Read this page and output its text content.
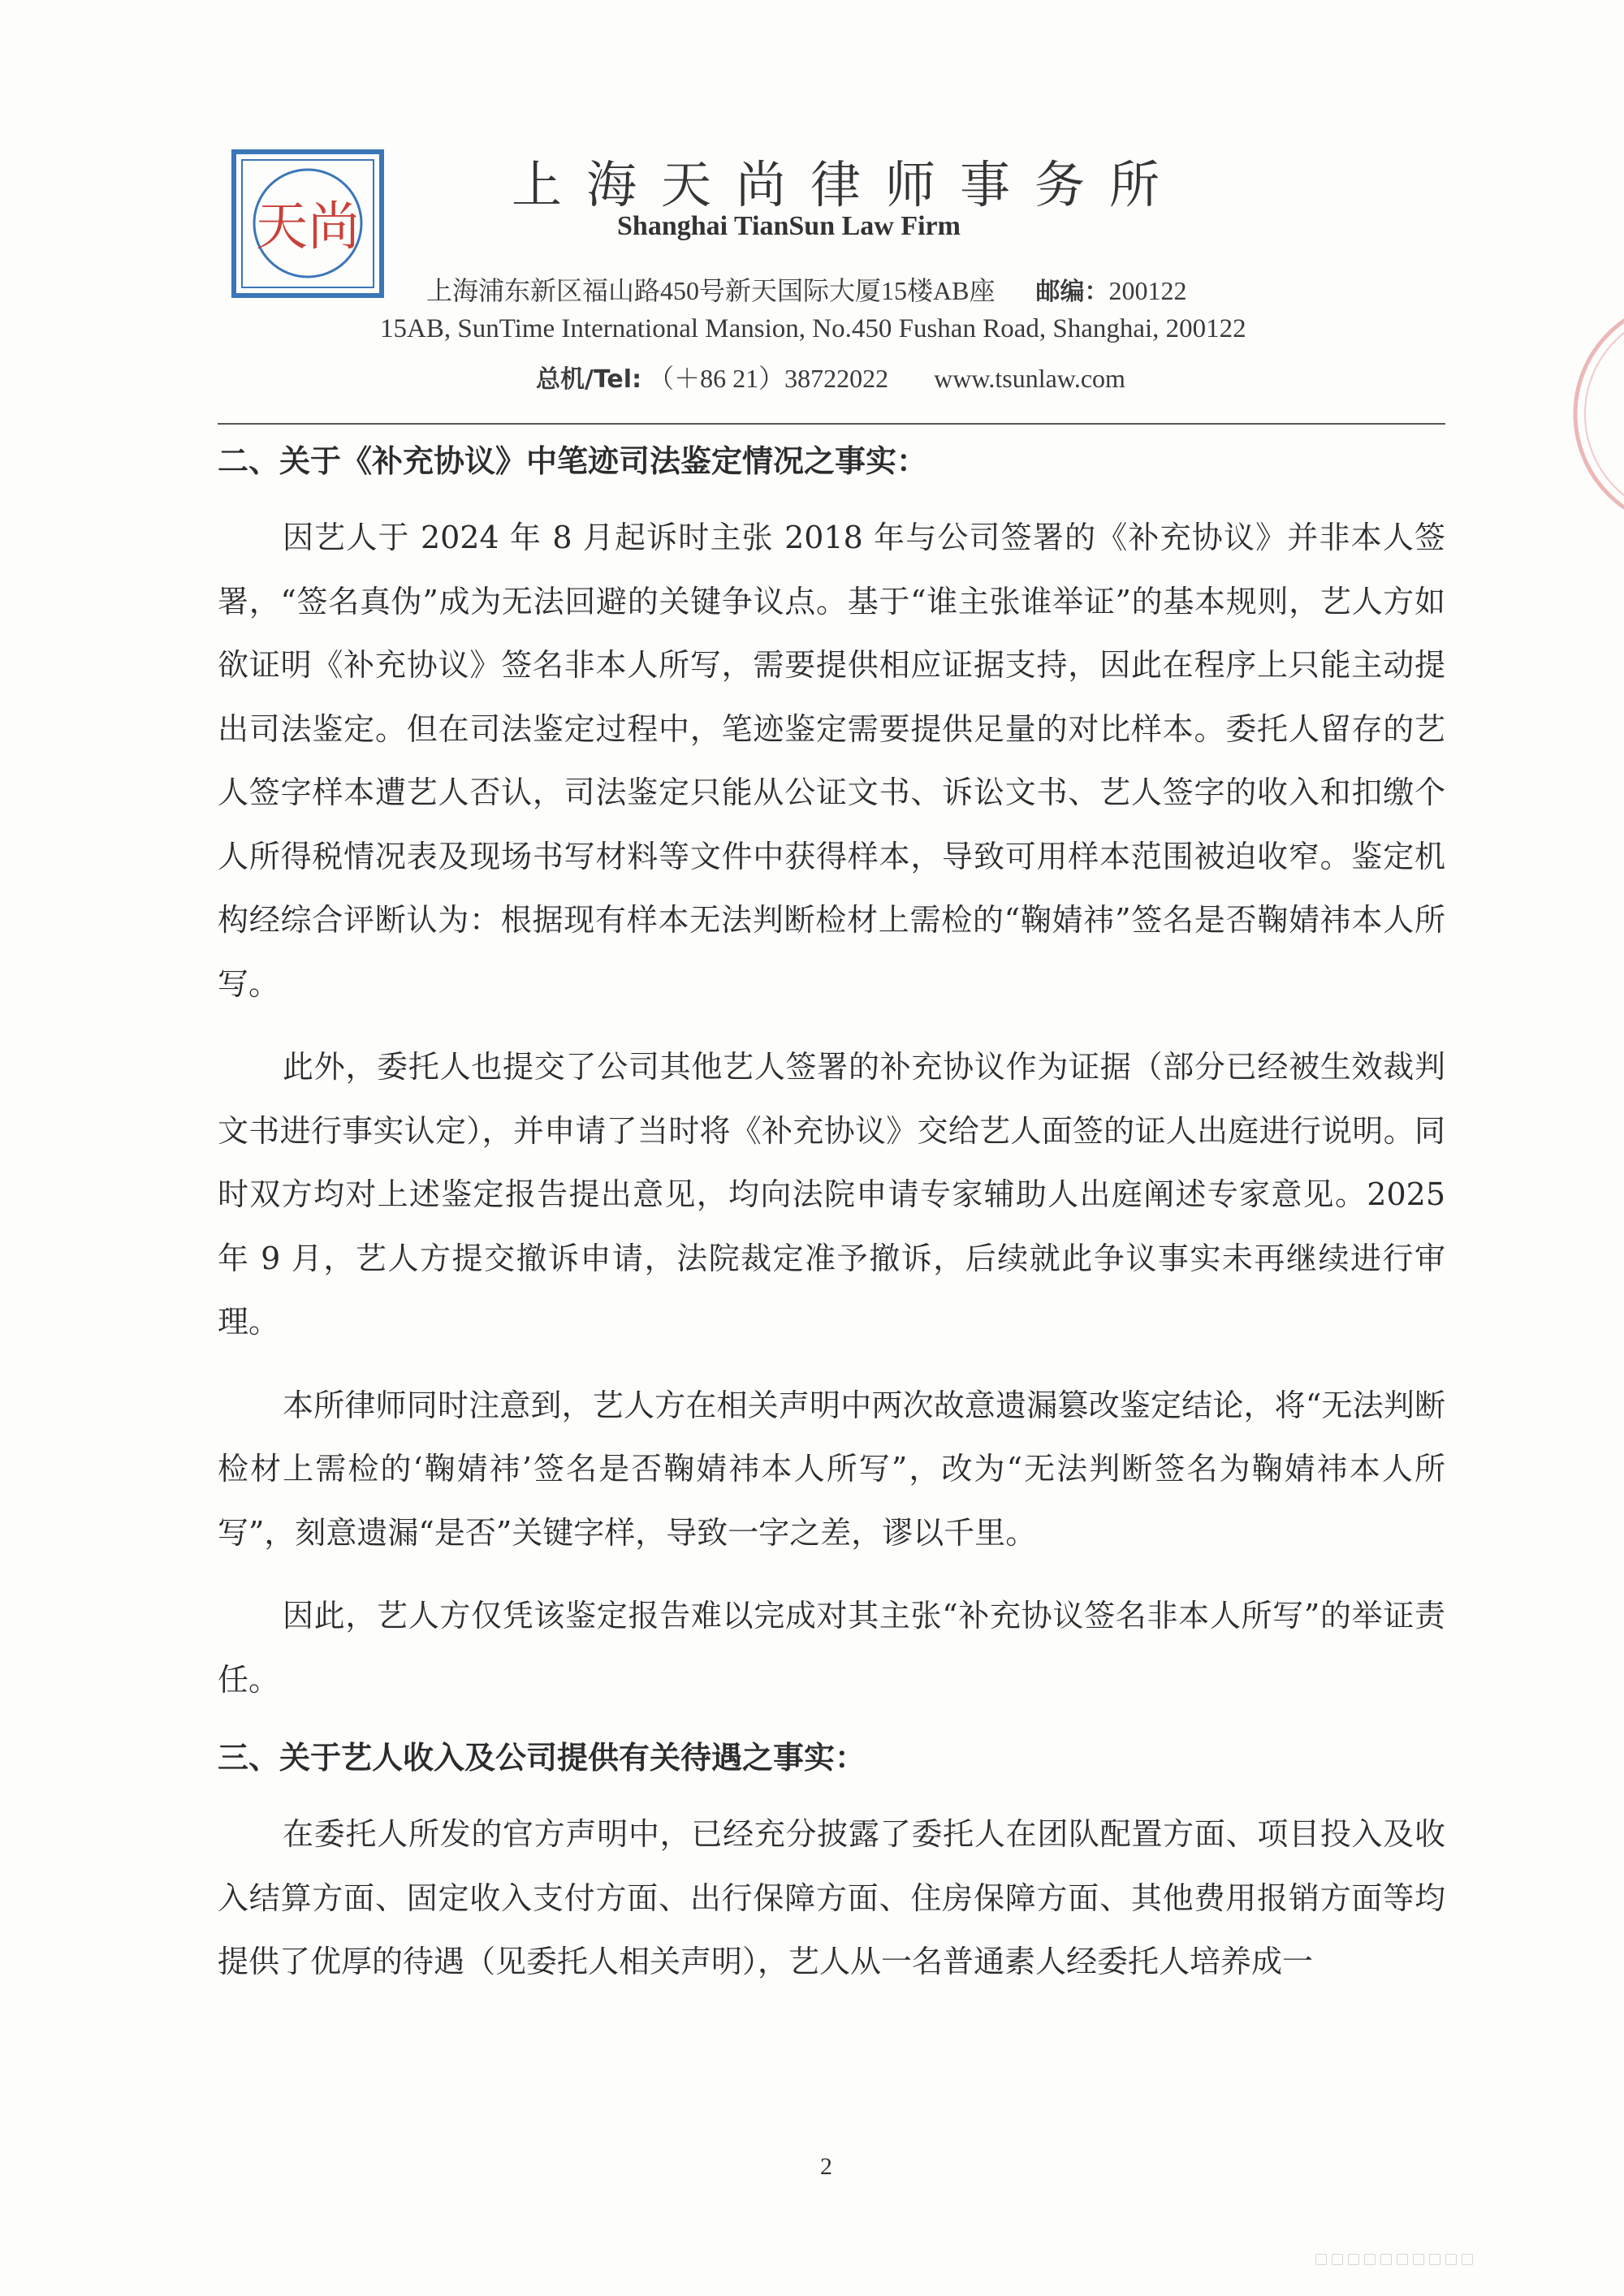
天尚
上海天尚律师事务所
Shanghai TianSun Law Firm
上海浦东新区福山路450号新天国际大厦15楼AB座 邮编：200122
15AB, SunTime International Mansion, No.450 Fushan Road, Shanghai, 200122
总机/Tel: （＋86 21）38722022 www.tsunlaw.com

二、关于《补充协议》中笔迹司法鉴定情况之事实：

因艺人于 2024 年 8 月起诉时主张 2018 年与公司签署的《补充协议》并非本人签署，“签名真伪”成为无法回避的关键争议点。基于“谁主张谁举证”的基本规则，艺人方如欲证明《补充协议》签名非本人所写，需要提供相应证据支持，因此在程序上只能主动提出司法鉴定。但在司法鉴定过程中，笔迹鉴定需要提供足量的对比样本。委托人留存的艺人签字样本遭艺人否认，司法鉴定只能从公证文书、诉讼文书、艺人签字的收入和扣缴个人所得税情况表及现场书写材料等文件中获得样本，导致可用样本范围被迫收窄。鉴定机构经综合评断认为：根据现有样本无法判断检材上需检的“鞠婧祎”签名是否鞠婧祎本人所写。

此外，委托人也提交了公司其他艺人签署的补充协议作为证据（部分已经被生效裁判文书进行事实认定），并申请了当时将《补充协议》交给艺人面签的证人出庭进行说明。同时双方均对上述鉴定报告提出意见，均向法院申请专家辅助人出庭阐述专家意见。2025 年 9 月，艺人方提交撤诉申请，法院裁定准予撤诉，后续就此争议事实未再继续进行审理。

本所律师同时注意到，艺人方在相关声明中两次故意遗漏篡改鉴定结论，将“无法判断检材上需检的‘鞠婧祎’签名是否鞠婧祎本人所写”，改为“无法判断签名为鞠婧祎本人所写”，刻意遗漏“是否”关键字样，导致一字之差，谬以千里。

因此，艺人方仅凭该鉴定报告难以完成对其主张“补充协议签名非本人所写”的举证责任。

三、关于艺人收入及公司提供有关待遇之事实：

在委托人所发的官方声明中，已经充分披露了委托人在团队配置方面、项目投入及收入结算方面、固定收入支付方面、出行保障方面、住房保障方面、其他费用报销方面等均提供了优厚的待遇（见委托人相关声明），艺人从一名普通素人经委托人培养成一

2
